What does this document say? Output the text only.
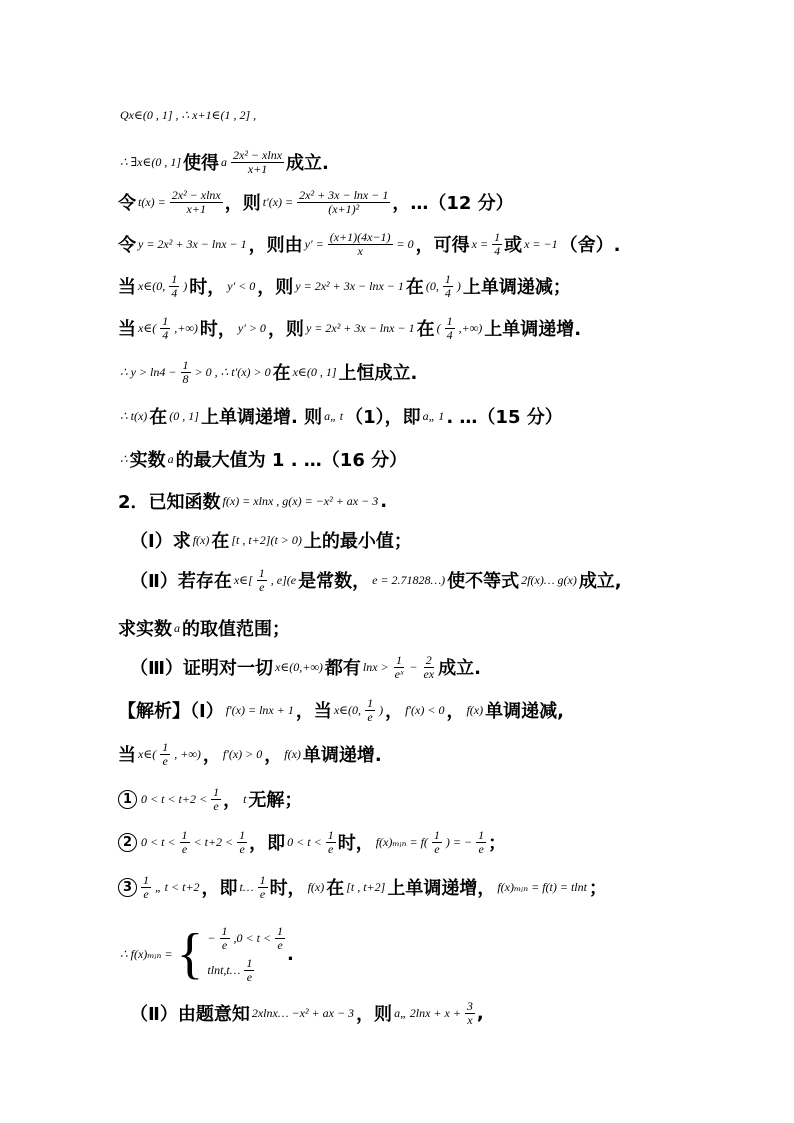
Qx∈(0 , 1] , ∴ x+1∈(1 , 2] ,
∴ ∃x∈(0 , 1] 使得 a $\frac{\text{2x² − xlnx}}{x+1}$ 成立.
令 $t(x) = \frac{\text{2x² − xlnx}}{x+1}$ ，则 $t'(x) = \frac{\text{2x² + 3x − lnx − 1}}{\text{(x+1)²}}$ ，…（12 分）
令 y = 2x² + 3x − lnx − 1 ，则由 $y' = \frac{(x+1)(4x-1)}{x} = 0$ ，可得 $x = \frac{1}{4}$ 或 x = −1 （舍）.
当 x∈(0, $\frac{1}{4}$ ) 时， y′ < 0 ，则 y = 2x² + 3x − lnx − 1 在 (0, $\frac{1}{4}$ ) 上单调递减；
当 x∈( $\frac{1}{4}$ ,+∞) 时， y′ > 0 ，则 y = 2x² + 3x − lnx − 1 在 ( $\frac{1}{4}$ ,+∞) 上单调递增.
∴ $y > \ln 4 - \frac{1}{8} > 0$ , ∴ t′(x) > 0 在 x∈(0 , 1] 上恒成立.
∴ t(x) 在 (0 , 1] 上单调递增. 则 a„ t （1），即 a„ 1 . …（15 分）
∴ 实数 a 的最大值为 1 . …（16 分）
2．已知函数 f(x) = xlnx , g(x) = −x² + ax − 3 .
（Ⅰ）求 f(x) 在 [t , t+2](t > 0) 上的最小值；
（Ⅱ）若存在 x∈[ $\frac{1}{e}$ , e](e 是常数， e = 2.71828…) 使不等式 2f(x)… g(x) 成立,
求实数 a 的取值范围；
（Ⅲ）证明对一切 x∈(0,+∞) 都有 $\ln x > \frac{1}{\text{eˣ}} - \frac{2}{ex}$ 成立.
【解析】（Ⅰ） f′(x) = lnx + 1 ，当 x∈(0, $\frac{1}{e}$ ) ， f′(x) < 0 ， f(x) 单调递减,
当 x∈( $\frac{1}{e}$ , +∞) ， f′(x) > 0 ， f(x) 单调递增.
1 $0 < t < t+2 < \frac{1}{e}$ ， t 无解；
2 $0 < t < \frac{1}{e} < t+2 < \frac{1}{e}$ ，即 $0 < t < \frac{1}{e}$ 时， f(x)ₘᵢₙ = $f( \frac{1}{e}$ ) = − $\frac{1}{e}$ ；
$3 \frac{1}{e}$ „ t < t+2 ，即 t… $\frac{1}{e}$ 时， f(x) 在 [t , t+2] 上单调递增， f(x)ₘᵢₙ = f(t) = tlnt ；
∴ f(x)ₘᵢₙ = { − $\frac{1}{e} ,0 < t < \frac{1}{e}$
tlnt,t… $\frac{1}{e}$
.
（Ⅱ）由题意知 2xlnx… −x² + ax − 3 ，则 a„ $2\ln x + x + \frac{3}{x}$ ,
